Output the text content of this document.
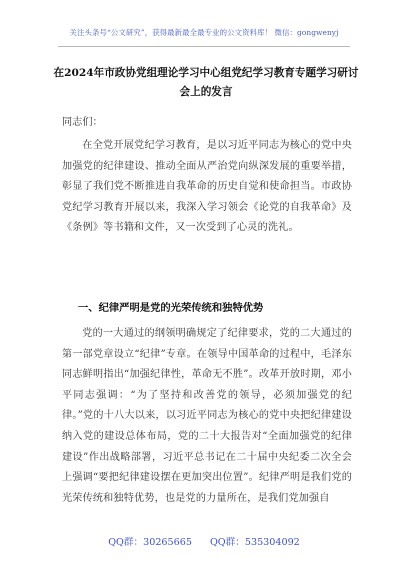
关注头条号“公文研究”，获得最新最全最专业的公文资料库！ 微信：gongwenyj
在2024年市政协党组理论学习中心组党纪学习教育专题学习研讨会上的发言
同志们：
在全党开展党纪学习教育，是以习近平同志为核心的党中央加强党的纪律建设、推动全面从严治党向纵深发展的重要举措，彰显了我们党不断推进自我革命的历史自觉和使命担当。市政协党纪学习教育开展以来，我深入学习领会《论党的自我革命》及《条例》等书籍和文件，又一次受到了心灵的洗礼。
一、纪律严明是党的光荣传统和独特优势
党的一大通过的纲领明确规定了纪律要求，党的二大通过的第一部党章设立“纪律”专章。在领导中国革命的过程中，毛泽东同志鲜明指出“加强纪律性，革命无不胜”。改革开放时期，邓小平同志强调：“为了坚持和改善党的领导，必须加强党的纪律。”党的十八大以来，以习近平同志为核心的党中央把纪律建设纳入党的建设总体布局，党的二十大报告对“全面加强党的纪律建设”作出战略部署，习近平总书记在二十届中央纪委二次全会上强调“要把纪律建设摆在更加突出位置”。纪律严明是我们党的光荣传统和独特优势，也是党的力量所在，是我们党加强自
QQ群：30265665 QQ群：535304092
